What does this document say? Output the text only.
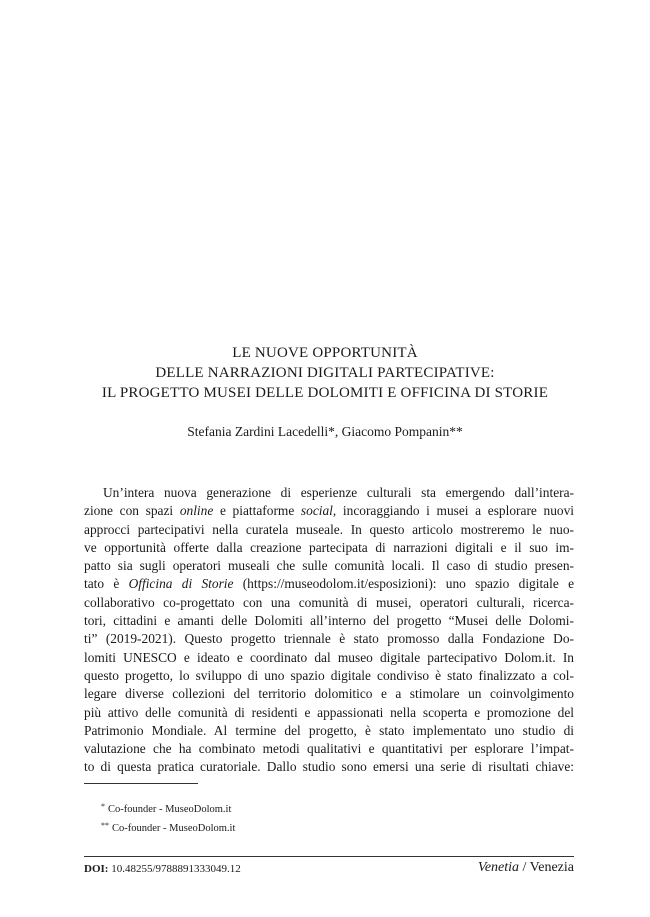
LE NUOVE OPPORTUNITÀ
DELLE NARRAZIONI DIGITALI PARTECIPATIVE:
IL PROGETTO MUSEI DELLE DOLOMITI E OFFICINA DI STORIE
Stefania Zardini Lacedelli*, Giacomo Pompanin**
Un’intera nuova generazione di esperienze culturali sta emergendo dall’intera-
zione con spazi online e piattaforme social, incoraggiando i musei a esplorare nuovi
approcci partecipativi nella curatela museale. In questo articolo mostreremo le nuo-
ve opportunità offerte dalla creazione partecipata di narrazioni digitali e il suo im-
patto sia sugli operatori museali che sulle comunità locali. Il caso di studio presen-
tato è Officina di Storie (https://museodolom.it/esposizioni): uno spazio digitale e
collaborativo co-progettato con una comunità di musei, operatori culturali, ricerca-
tori, cittadini e amanti delle Dolomiti all’interno del progetto “Musei delle Dolomi-
ti” (2019-2021). Questo progetto triennale è stato promosso dalla Fondazione Do-
lomiti UNESCO e ideato e coordinato dal museo digitale partecipativo Dolom.it. In
questo progetto, lo sviluppo di uno spazio digitale condiviso è stato finalizzato a col-
legare diverse collezioni del territorio dolomitico e a stimolare un coinvolgimento
più attivo delle comunità di residenti e appassionati nella scoperta e promozione del
Patrimonio Mondiale. Al termine del progetto, è stato implementato uno studio di
valutazione che ha combinato metodi qualitativi e quantitativi per esplorare l’impat-
to di questa pratica curatoriale. Dallo studio sono emersi una serie di risultati chiave:
* Co-founder - MuseoDolom.it
** Co-founder - MuseoDolom.it
DOI: 10.48255/9788891333049.12	Venetia / Venezia
